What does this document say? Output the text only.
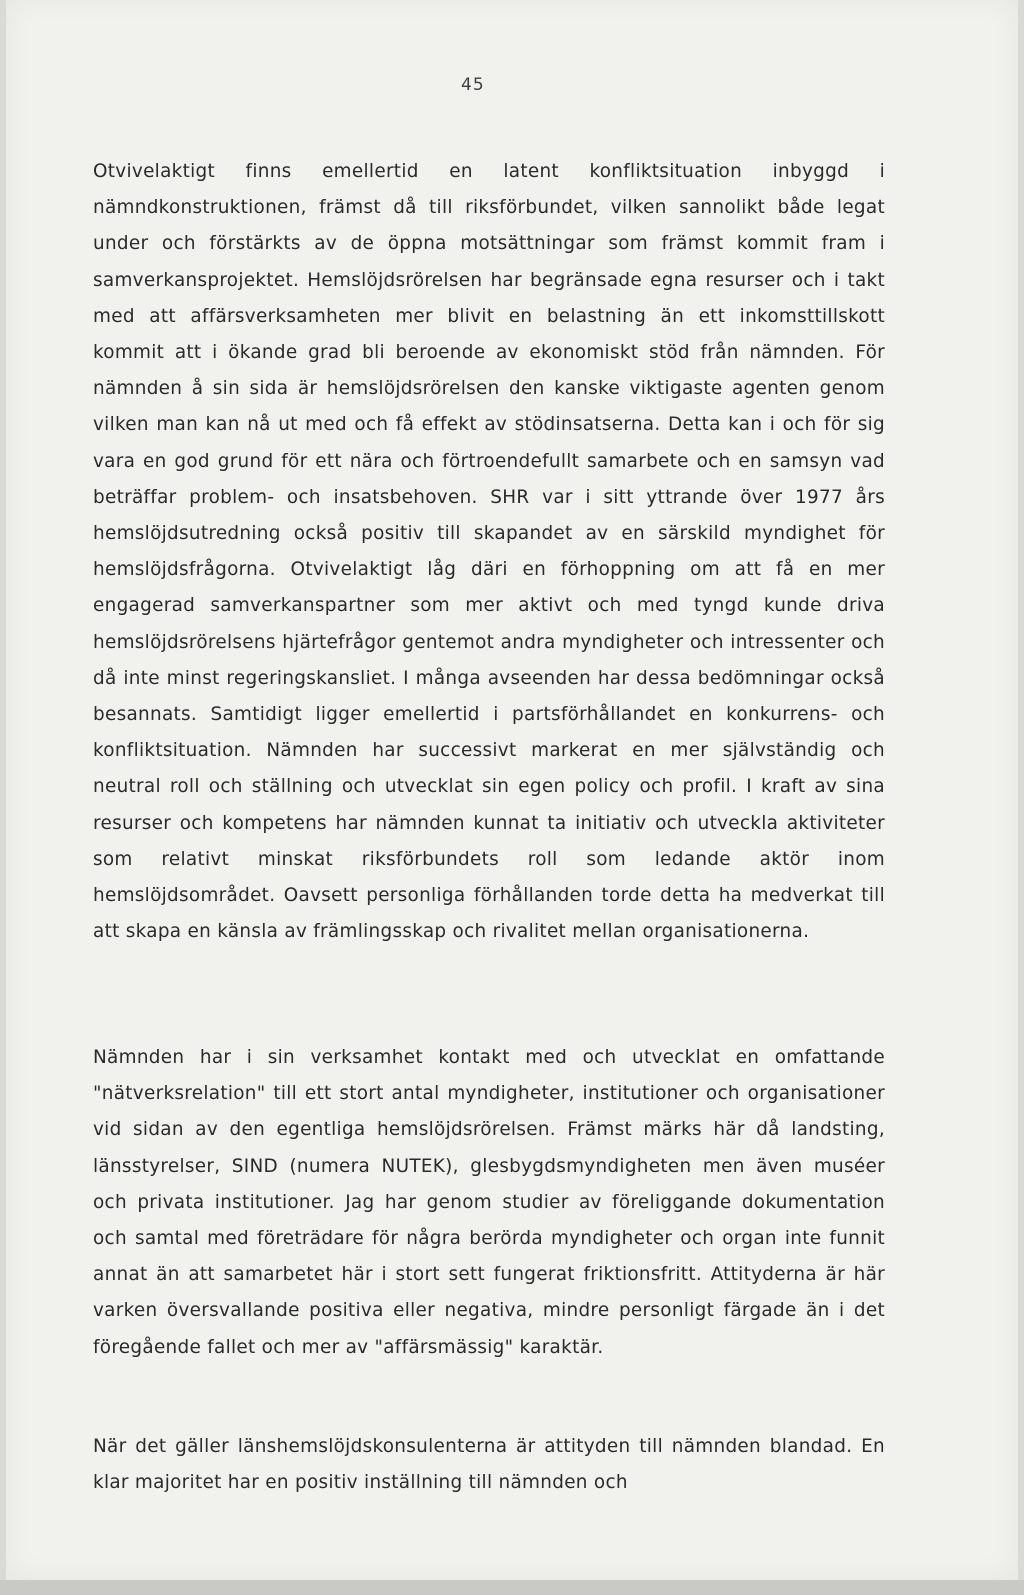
45

Otvivelaktigt finns emellertid en latent konfliktsituation inbyggd i nämndkonstruktionen, främst då till riksförbundet, vilken sannolikt både legat under och förstärkts av de öppna motsättningar som främst kommit fram i samverkansprojektet. Hemslöjdsrörelsen har begränsade egna resurser och i takt med att affärsverksamheten mer blivit en belastning än ett inkomsttillskott kommit att i ökande grad bli beroende av ekonomiskt stöd från nämnden. För nämnden å sin sida är hemslöjdsrörelsen den kanske viktigaste agenten genom vilken man kan nå ut med och få effekt av stödinsatserna. Detta kan i och för sig vara en god grund för ett nära och förtroendefullt samarbete och en samsyn vad beträffar problem- och insatsbehoven. SHR var i sitt yttrande över 1977 års hemslöjdsutredning också positiv till skapandet av en särskild myndighet för hemslöjdsfrågorna. Otvivelaktigt låg däri en förhoppning om att få en mer engagerad samverkanspartner som mer aktivt och med tyngd kunde driva hemslöjdsrörelsens hjärtefrågor gentemot andra myndigheter och intressenter och då inte minst regeringskansliet. I många avseenden har dessa bedömningar också besannats. Samtidigt ligger emellertid i partsförhållandet en konkurrens- och konfliktsituation. Nämnden har successivt markerat en mer självständig och neutral roll och ställning och utvecklat sin egen policy och profil. I kraft av sina resurser och kompetens har nämnden kunnat ta initiativ och utveckla aktiviteter som relativt minskat riksförbundets roll som ledande aktör inom hemslöjdsområdet. Oavsett personliga förhållanden torde detta ha medverkat till att skapa en känsla av främlingsskap och rivalitet mellan organisationerna.

Nämnden har i sin verksamhet kontakt med och utvecklat en omfattande "nätverksrelation" till ett stort antal myndigheter, institutioner och organisationer vid sidan av den egentliga hemslöjdsrörelsen. Främst märks här då landsting, länsstyrelser, SIND (numera NUTEK), glesbygdsmyndigheten men även muséer och privata institutioner. Jag har genom studier av föreliggande dokumentation och samtal med företrädare för några berörda myndigheter och organ inte funnit annat än att samarbetet här i stort sett fungerat friktionsfritt. Attityderna är här varken översvallande positiva eller negativa, mindre personligt färgade än i det föregående fallet och mer av "affärsmässig" karaktär.

När det gäller länshemslöjdskonsulenterna är attityden till nämnden blandad. En klar majoritet har en positiv inställning till nämnden och
